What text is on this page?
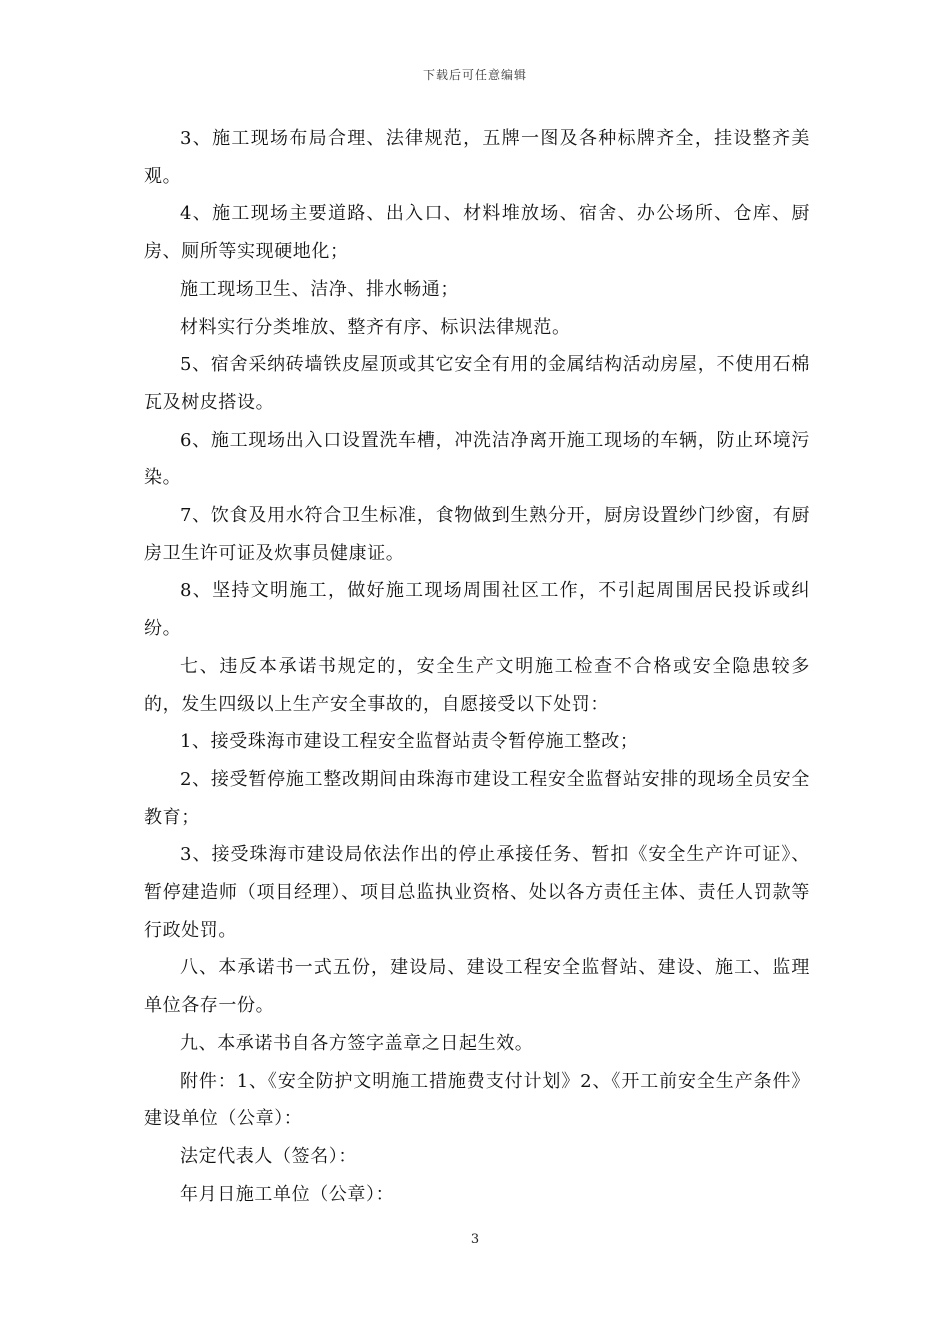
下载后可任意编辑

3、施工现场布局合理、法律规范，五牌一图及各种标牌齐全，挂设整齐美观。

4、施工现场主要道路、出入口、材料堆放场、宿舍、办公场所、仓库、厨房、厕所等实现硬地化；

施工现场卫生、洁净、排水畅通；

材料实行分类堆放、整齐有序、标识法律规范。

5、宿舍采纳砖墙铁皮屋顶或其它安全有用的金属结构活动房屋，不使用石棉瓦及树皮搭设。

6、施工现场出入口设置洗车槽，冲洗洁净离开施工现场的车辆，防止环境污染。

7、饮食及用水符合卫生标准，食物做到生熟分开，厨房设置纱门纱窗，有厨房卫生许可证及炊事员健康证。

8、坚持文明施工，做好施工现场周围社区工作，不引起周围居民投诉或纠纷。

七、违反本承诺书规定的，安全生产文明施工检查不合格或安全隐患较多的，发生四级以上生产安全事故的，自愿接受以下处罚：

1、接受珠海市建设工程安全监督站责令暂停施工整改；

2、接受暂停施工整改期间由珠海市建设工程安全监督站安排的现场全员安全教育；

3、接受珠海市建设局依法作出的停止承接任务、暂扣《安全生产许可证》、暂停建造师（项目经理）、项目总监执业资格、处以各方责任主体、责任人罚款等行政处罚。

八、本承诺书一式五份，建设局、建设工程安全监督站、建设、施工、监理单位各存一份。

九、本承诺书自各方签字盖章之日起生效。

附件：1、《安全防护文明施工措施费支付计划》2、《开工前安全生产条件》建设单位（公章）：

法定代表人（签名）：

年月日施工单位（公章）：

3
